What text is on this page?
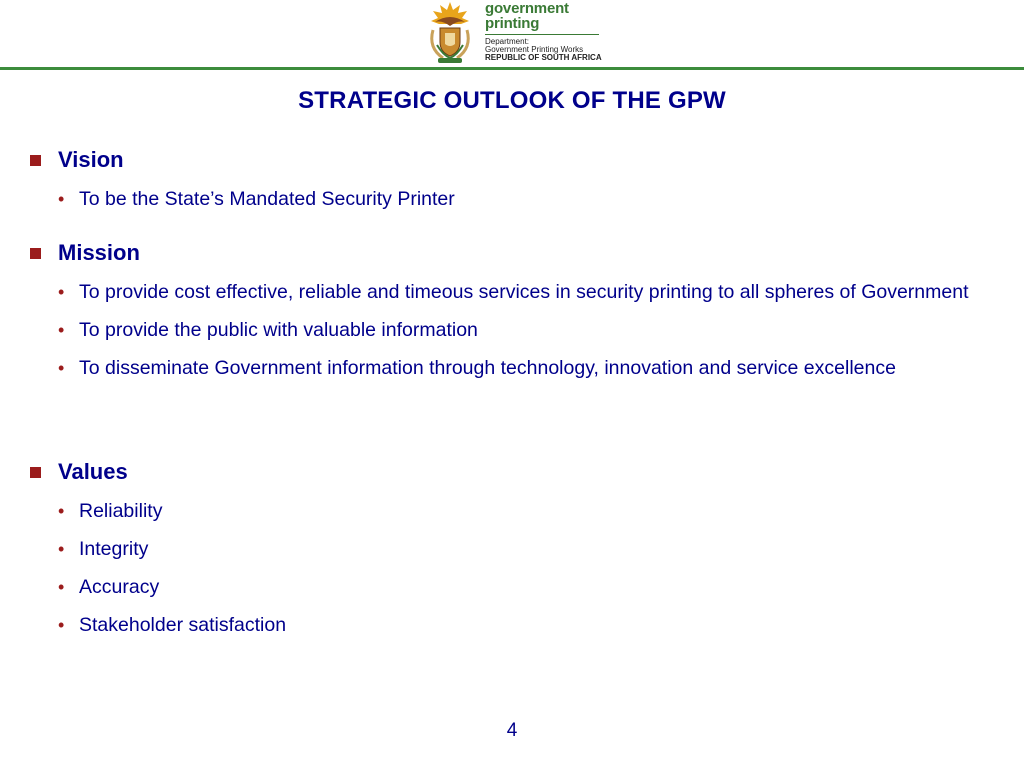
government
printing
Department:
Government Printing Works
REPUBLIC OF SOUTH AFRICA
STRATEGIC OUTLOOK OF THE GPW
Vision
• To be the State’s Mandated Security Printer
Mission
• To provide cost effective, reliable and timeous services in security printing to all spheres of Government
• To provide the public with valuable information
• To disseminate Government information through technology, innovation and service excellence
Values
• Reliability
• Integrity
• Accuracy
• Stakeholder satisfaction
4
